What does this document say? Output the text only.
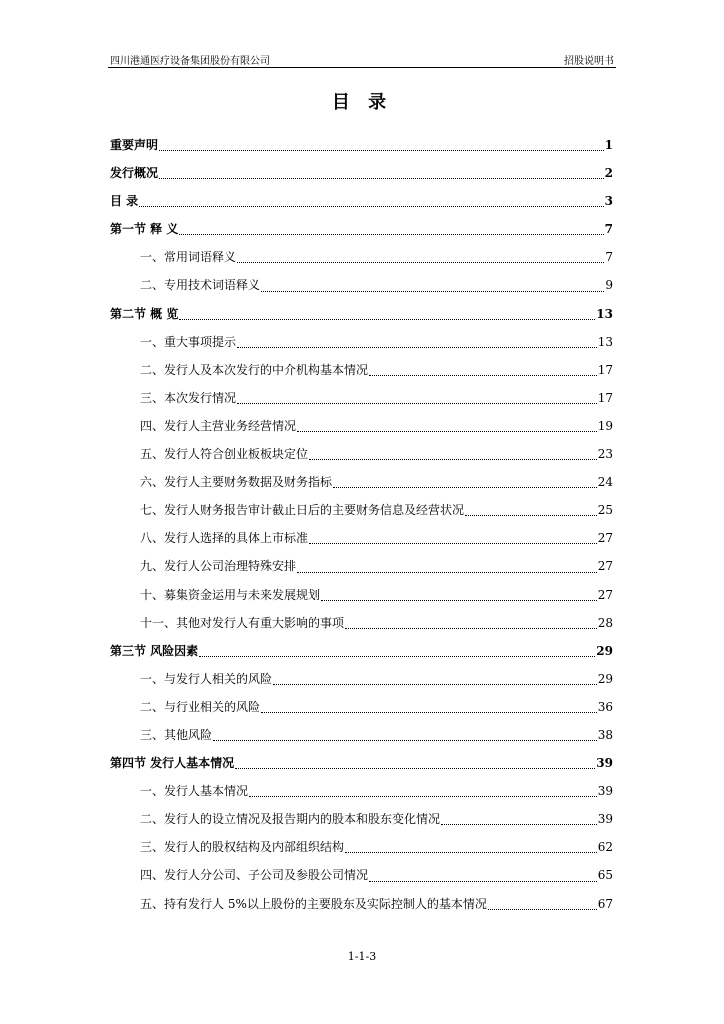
四川港通医疗设备集团股份有限公司	招股说明书
目 录
重要声明	1
发行概况	2
目 录	3
第一节 释 义	7
一、常用词语释义	7
二、专用技术词语释义	9
第二节 概 览	13
一、重大事项提示	13
二、发行人及本次发行的中介机构基本情况	17
三、本次发行情况	17
四、发行人主营业务经营情况	19
五、发行人符合创业板板块定位	23
六、发行人主要财务数据及财务指标	24
七、发行人财务报告审计截止日后的主要财务信息及经营状况	25
八、发行人选择的具体上市标准	27
九、发行人公司治理特殊安排	27
十、募集资金运用与未来发展规划	27
十一、其他对发行人有重大影响的事项	28
第三节 风险因素	29
一、与发行人相关的风险	29
二、与行业相关的风险	36
三、其他风险	38
第四节 发行人基本情况	39
一、发行人基本情况	39
二、发行人的设立情况及报告期内的股本和股东变化情况	39
三、发行人的股权结构及内部组织结构	62
四、发行人分公司、子公司及参股公司情况	65
五、持有发行人 5%以上股份的主要股东及实际控制人的基本情况	67
1-1-3
